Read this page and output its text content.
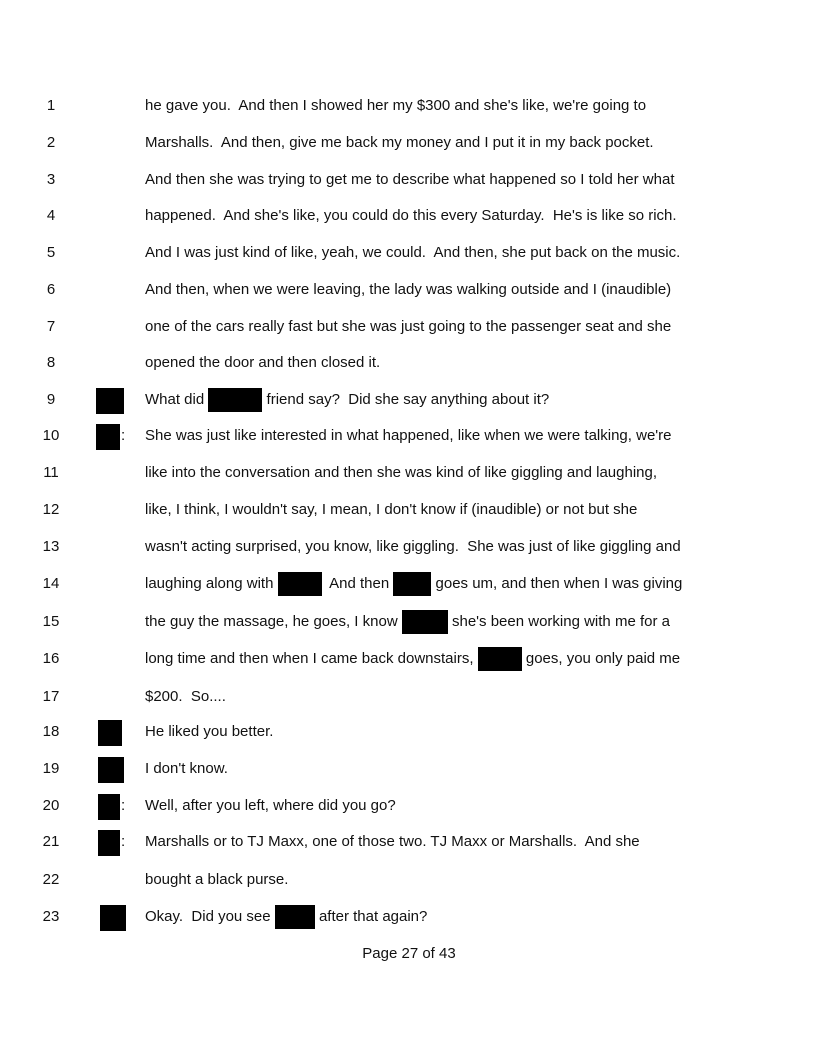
1	he gave you.  And then I showed her my $300 and she's like, we're going to
2	Marshalls.  And then, give me back my money and I put it in my back pocket.
3	And then she was trying to get me to describe what happened so I told her what
4	happened.  And she's like, you could do this every Saturday.  He's is like so rich.
5	And I was just kind of like, yeah, we could.  And then, she put back on the music.
6	And then, when we were leaving, the lady was walking outside and I (inaudible)
7	one of the cars really fast but she was just going to the passenger seat and she
8	opened the door and then closed it.
9	What did	friend say?  Did she say anything about it?
10	: She was just like interested in what happened, like when we were talking, we're
11	like into the conversation and then she was kind of like giggling and laughing,
12	like, I think, I wouldn't say, I mean, I don't know if (inaudible) or not but she
13	wasn't acting surprised, you know, like giggling.  She was just of like giggling and
14	laughing along with	And then	goes um, and then when I was giving
15	the guy the massage, he goes, I know	she's been working with me for a
16	long time and then when I came back downstairs,	goes, you only paid me
17	$200.  So....
18	He liked you better.
19	I don't know.
20	: Well, after you left, where did you go?
21	: Marshalls or to TJ Maxx, one of those two. TJ Maxx or Marshalls.  And she
22	bought a black purse.
23	Okay.  Did you see	after that again?
Page 27 of 43
